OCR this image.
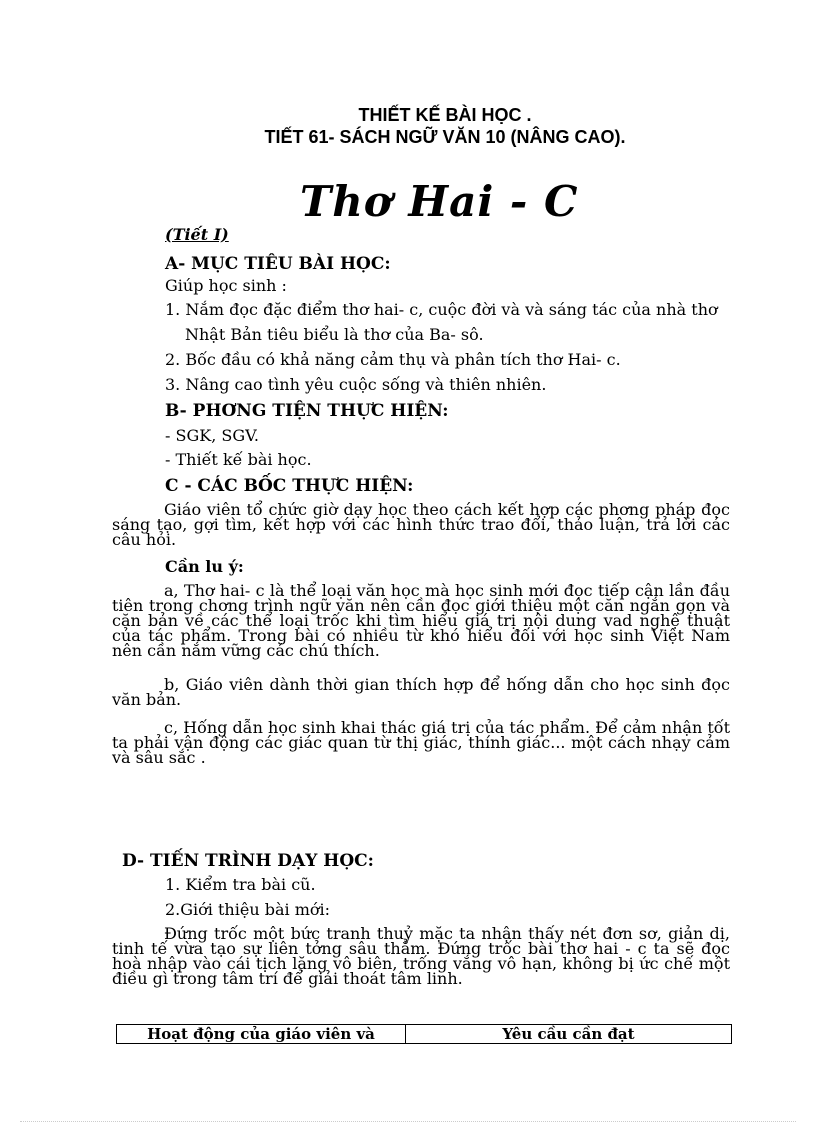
THIẾT KẾ BÀI HỌC .
TIẾT 61- SÁCH NGỮ VĂN 10 (NÂNG CAO).
Thơ Hai - C
(Tiết I)
A- MỤC TIÊU BÀI HỌC:
Giúp học sinh :
1. Nắm đọc đặc điểm thơ hai- c, cuộc đời và và sáng tác của nhà thơ
Nhật Bản tiêu biểu là thơ của Ba- sô.
2. Bốc đầu có khả năng cảm thụ và phân tích thơ Hai- c.
3. Nâng cao tình yêu cuộc sống và thiên nhiên.
B- PHƠNG TIỆN THỰC HIỆN:
- SGK, SGV.
- Thiết kế bài học.
C - CÁC BỐC THỰC HIỆN:
Giáo viên tổ chức giờ dạy học theo cách kết hợp các phơng pháp đọc sáng tạo, gợi tìm, kết hợp với các hình thức trao đổi, thảo luận, trả lời các câu hỏi.
Cần lu ý:
a, Thơ hai- c là thể loại văn học mà học sinh mới đọc tiếp cận lần đầu tiên trong chơng trình ngữ văn nên cần đọc giới thiệu một căn ngắn gọn và căn bản về các thể loại trốc khi tìm hiểu giá trị nội dung vad nghệ thuật của tác phẩm. Trong bài có nhiều từ khó hiểu đối với học sinh Việt Nam nên cần nắm vững các chú thích.
b, Giáo viên dành thời gian thích hợp để hống dẫn cho học sinh đọc văn bản.
c, Hống dẫn học sinh khai thác giá trị của tác phẩm. Để cảm nhận tốt ta phải vận động các giác quan từ thị giác, thính giác... một cách nhạy cảm và sâu sắc .
D- TIẾN TRÌNH DẠY HỌC:
1. Kiểm tra bài cũ.
2.Giới thiệu bài mới:
Đứng trốc một bức tranh thuỷ mặc ta nhận thấy nét đơn sơ, giản dị, tinh tế vừa tạo sự liên tởng sâu thẳm. Đứng trốc bài thơ hai - c ta sẽ đọc hoà nhập vào cái tịch lặng vô biên, trống vắng vô hạn, không bị ức chế một điều gì trong tâm trí để giải thoát tâm linh.
Hoạt động của giáo viên và	Yêu cầu cần đạt
